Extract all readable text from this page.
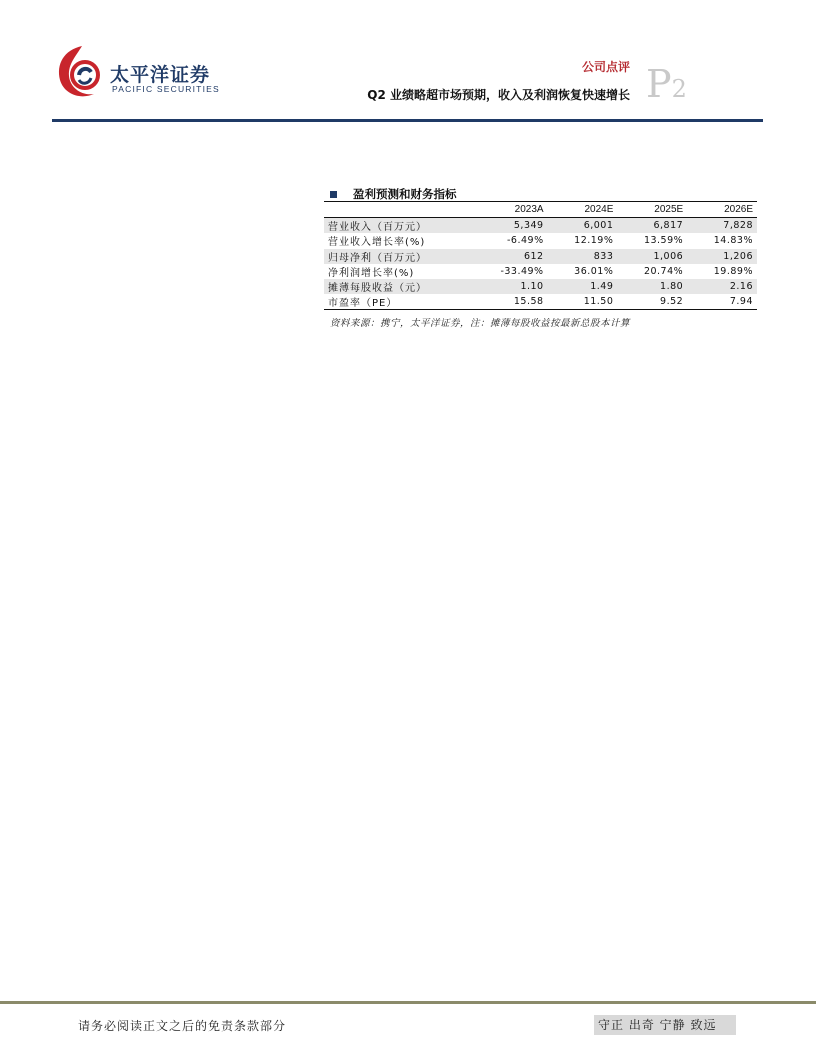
太平洋证券
PACIFIC SECURITIES
公司点评
Q2 业绩略超市场预期，收入及利润恢复快速增长 P2
盈利预测和财务指标
	2023A	2024E	2025E	2026E
营业收入（百万元）	5,349	6,001	6,817	7,828
营业收入增长率(%)	-6.49%	12.19%	13.59%	14.83%
归母净利（百万元）	612	833	1,006	1,206
净利润增长率(%)	-33.49%	36.01%	20.74%	19.89%
摊薄每股收益（元）	1.10	1.49	1.80	2.16
市盈率（PE）	15.58	11.50	9.52	7.94
资料来源：携宁，太平洋证券，注：摊薄每股收益按最新总股本计算
请务必阅读正文之后的免责条款部分	守正 出奇 宁静 致远
